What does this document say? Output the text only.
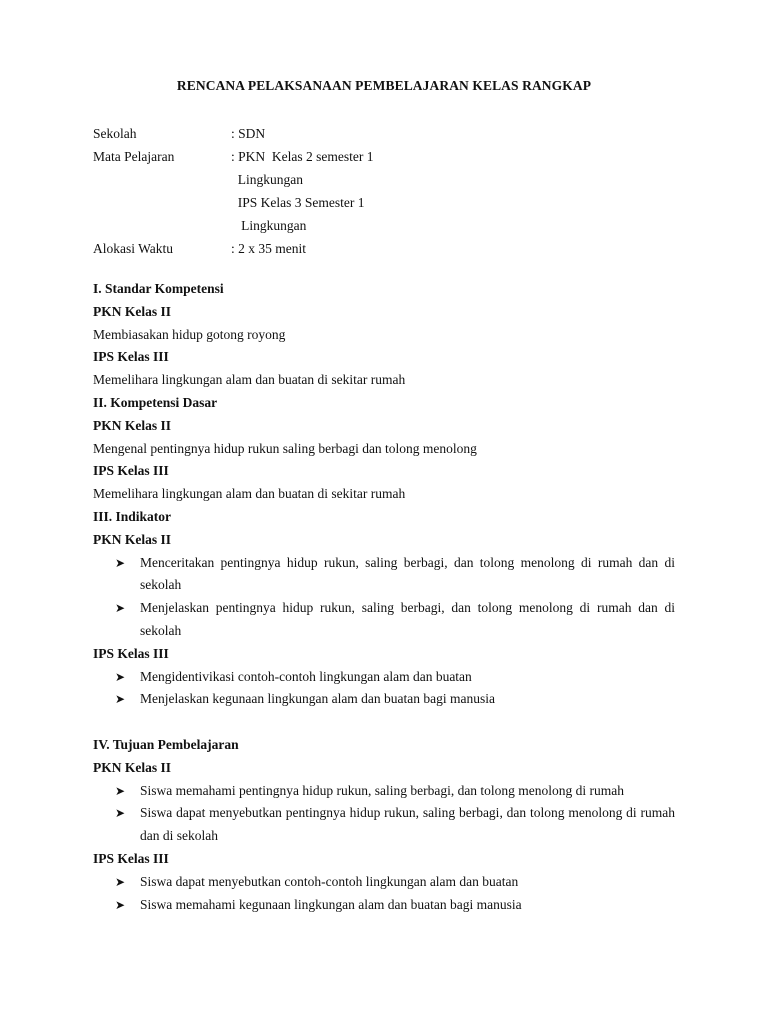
RENCANA PELAKSANAAN PEMBELAJARAN KELAS RANGKAP
Sekolah	: SDN
Mata Pelajaran	: PKN  Kelas 2 semester 1
Lingkungan
IPS Kelas 3 Semester 1
Lingkungan
Alokasi Waktu	: 2 x 35 menit
I. Standar Kompetensi
PKN Kelas II
Membiasakan hidup gotong royong
IPS Kelas III
Memelihara lingkungan alam dan buatan di sekitar rumah
II. Kompetensi Dasar
PKN Kelas II
Mengenal pentingnya hidup rukun saling berbagi dan tolong menolong
IPS Kelas III
Memelihara lingkungan alam dan buatan di sekitar rumah
III. Indikator
PKN Kelas II
➤ Menceritakan pentingnya hidup rukun, saling berbagi, dan tolong menolong di rumah dan di sekolah
➤ Menjelaskan pentingnya hidup rukun, saling berbagi, dan tolong menolong di rumah dan di sekolah
IPS Kelas III
➤ Mengidentivikasi contoh-contoh lingkungan alam dan buatan
➤ Menjelaskan kegunaan lingkungan alam dan buatan bagi manusia
IV. Tujuan Pembelajaran
PKN Kelas II
➤ Siswa memahami pentingnya hidup rukun, saling berbagi, dan tolong menolong di rumah
➤ Siswa dapat menyebutkan pentingnya hidup rukun, saling berbagi, dan tolong menolong di rumah dan di sekolah
IPS Kelas III
➤ Siswa dapat menyebutkan contoh-contoh lingkungan alam dan buatan
➤ Siswa memahami kegunaan lingkungan alam dan buatan bagi manusia
